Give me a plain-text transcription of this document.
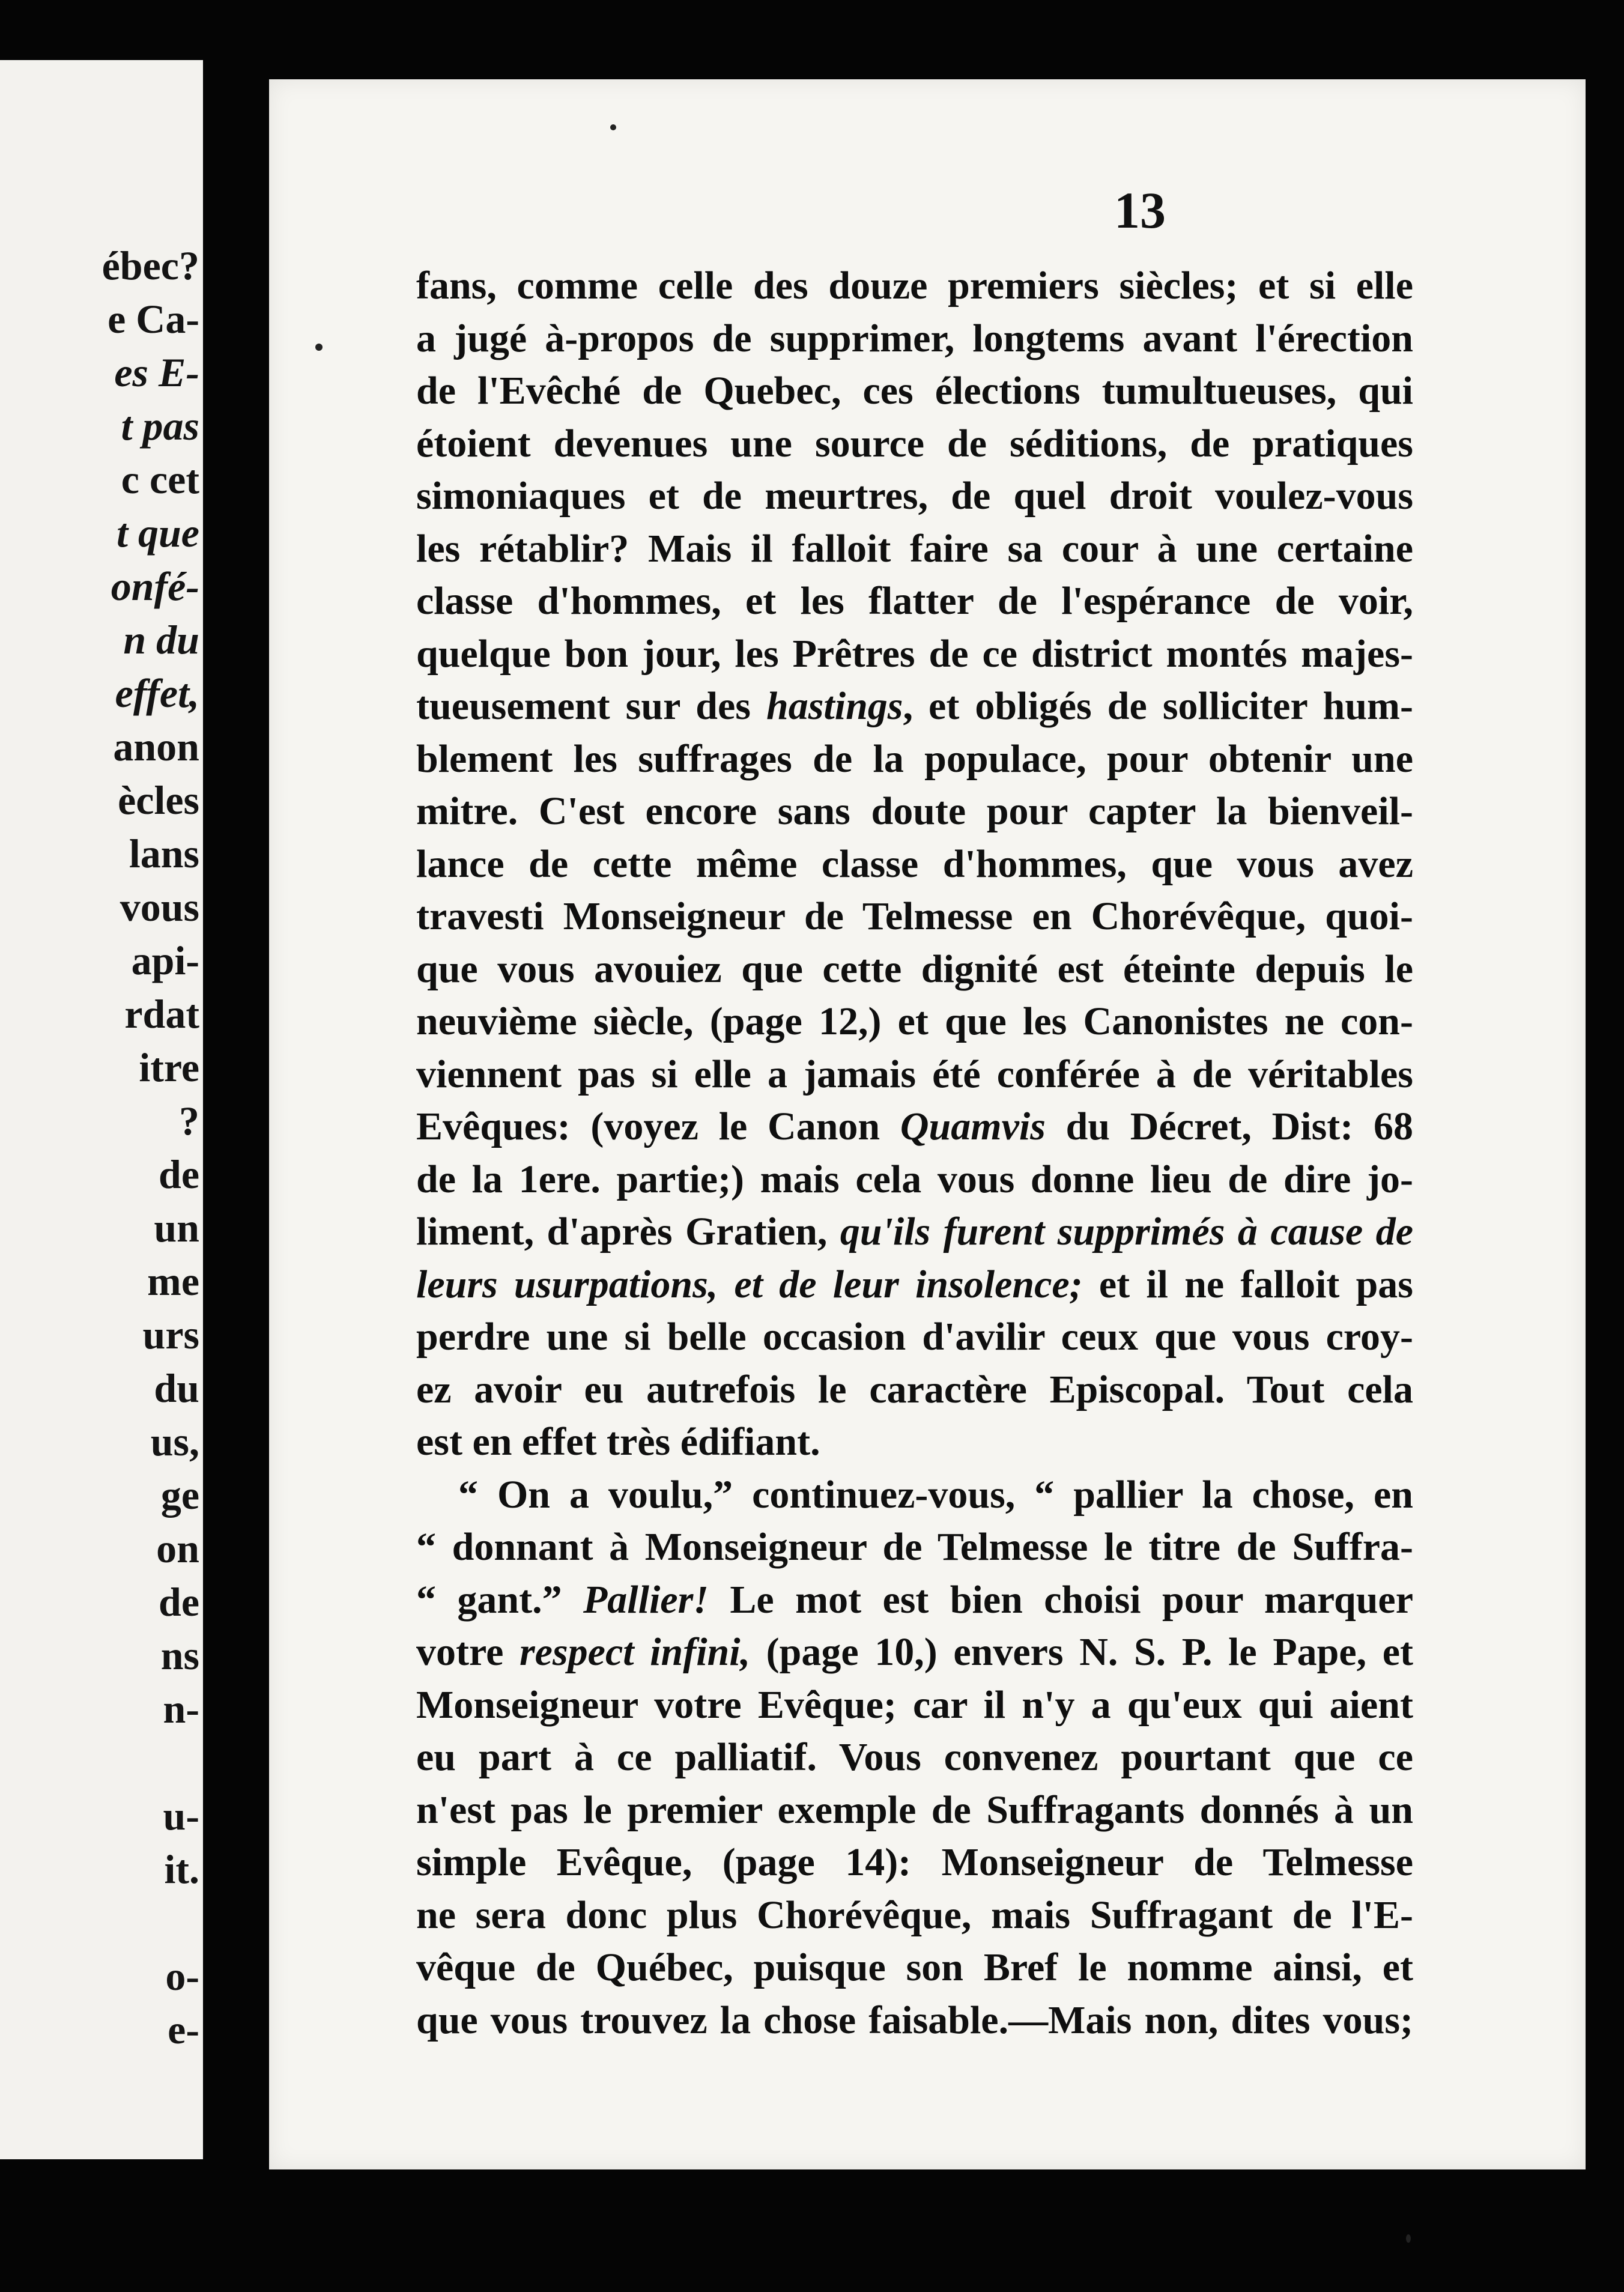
ébec?
e Ca-
es E-
t pas
c cet
t que
onfé-
n du
effet,
anon
ècles
lans
vous
api-
rdat
itre
?
de
un
me
urs
du
us,
ge
on
de
ns
n-
u-
it.
o-
e-
13
fans, comme celle des douze premiers siècles; et si elle
a jugé à-propos de supprimer, longtems avant l'érection
de l'Evêché de Quebec, ces élections tumultueuses, qui
étoient devenues une source de séditions, de pratiques
simoniaques et de meurtres, de quel droit voulez-vous
les rétablir? Mais il falloit faire sa cour à une certaine
classe d'hommes, et les flatter de l'espérance de voir,
quelque bon jour, les Prêtres de ce district montés majes-
tueusement sur des hastings, et obligés de solliciter hum-
blement les suffrages de la populace, pour obtenir une
mitre. C'est encore sans doute pour capter la bienveil-
lance de cette même classe d'hommes, que vous avez
travesti Monseigneur de Telmesse en Chorévêque, quoi-
que vous avouiez que cette dignité est éteinte depuis le
neuvième siècle, (page 12,) et que les Canonistes ne con-
viennent pas si elle a jamais été conférée à de véritables
Evêques: (voyez le Canon Quamvis du Décret, Dist: 68
de la 1ere. partie;) mais cela vous donne lieu de dire jo-
liment, d'après Gratien, qu'ils furent supprimés à cause de
leurs usurpations, et de leur insolence; et il ne falloit pas
perdre une si belle occasion d'avilir ceux que vous croy-
ez avoir eu autrefois le caractère Episcopal. Tout cela
est en effet très édifiant.
“ On a voulu,” continuez-vous, “ pallier la chose, en
“ donnant à Monseigneur de Telmesse le titre de Suffra-
“ gant.” Pallier! Le mot est bien choisi pour marquer
votre respect infini, (page 10,) envers N. S. P. le Pape, et
Monseigneur votre Evêque; car il n'y a qu'eux qui aient
eu part à ce palliatif. Vous convenez pourtant que ce
n'est pas le premier exemple de Suffragants donnés à un
simple Evêque, (page 14): Monseigneur de Telmesse
ne sera donc plus Chorévêque, mais Suffragant de l'E-
vêque de Québec, puisque son Bref le nomme ainsi, et
que vous trouvez la chose faisable.—Mais non, dites vous;
